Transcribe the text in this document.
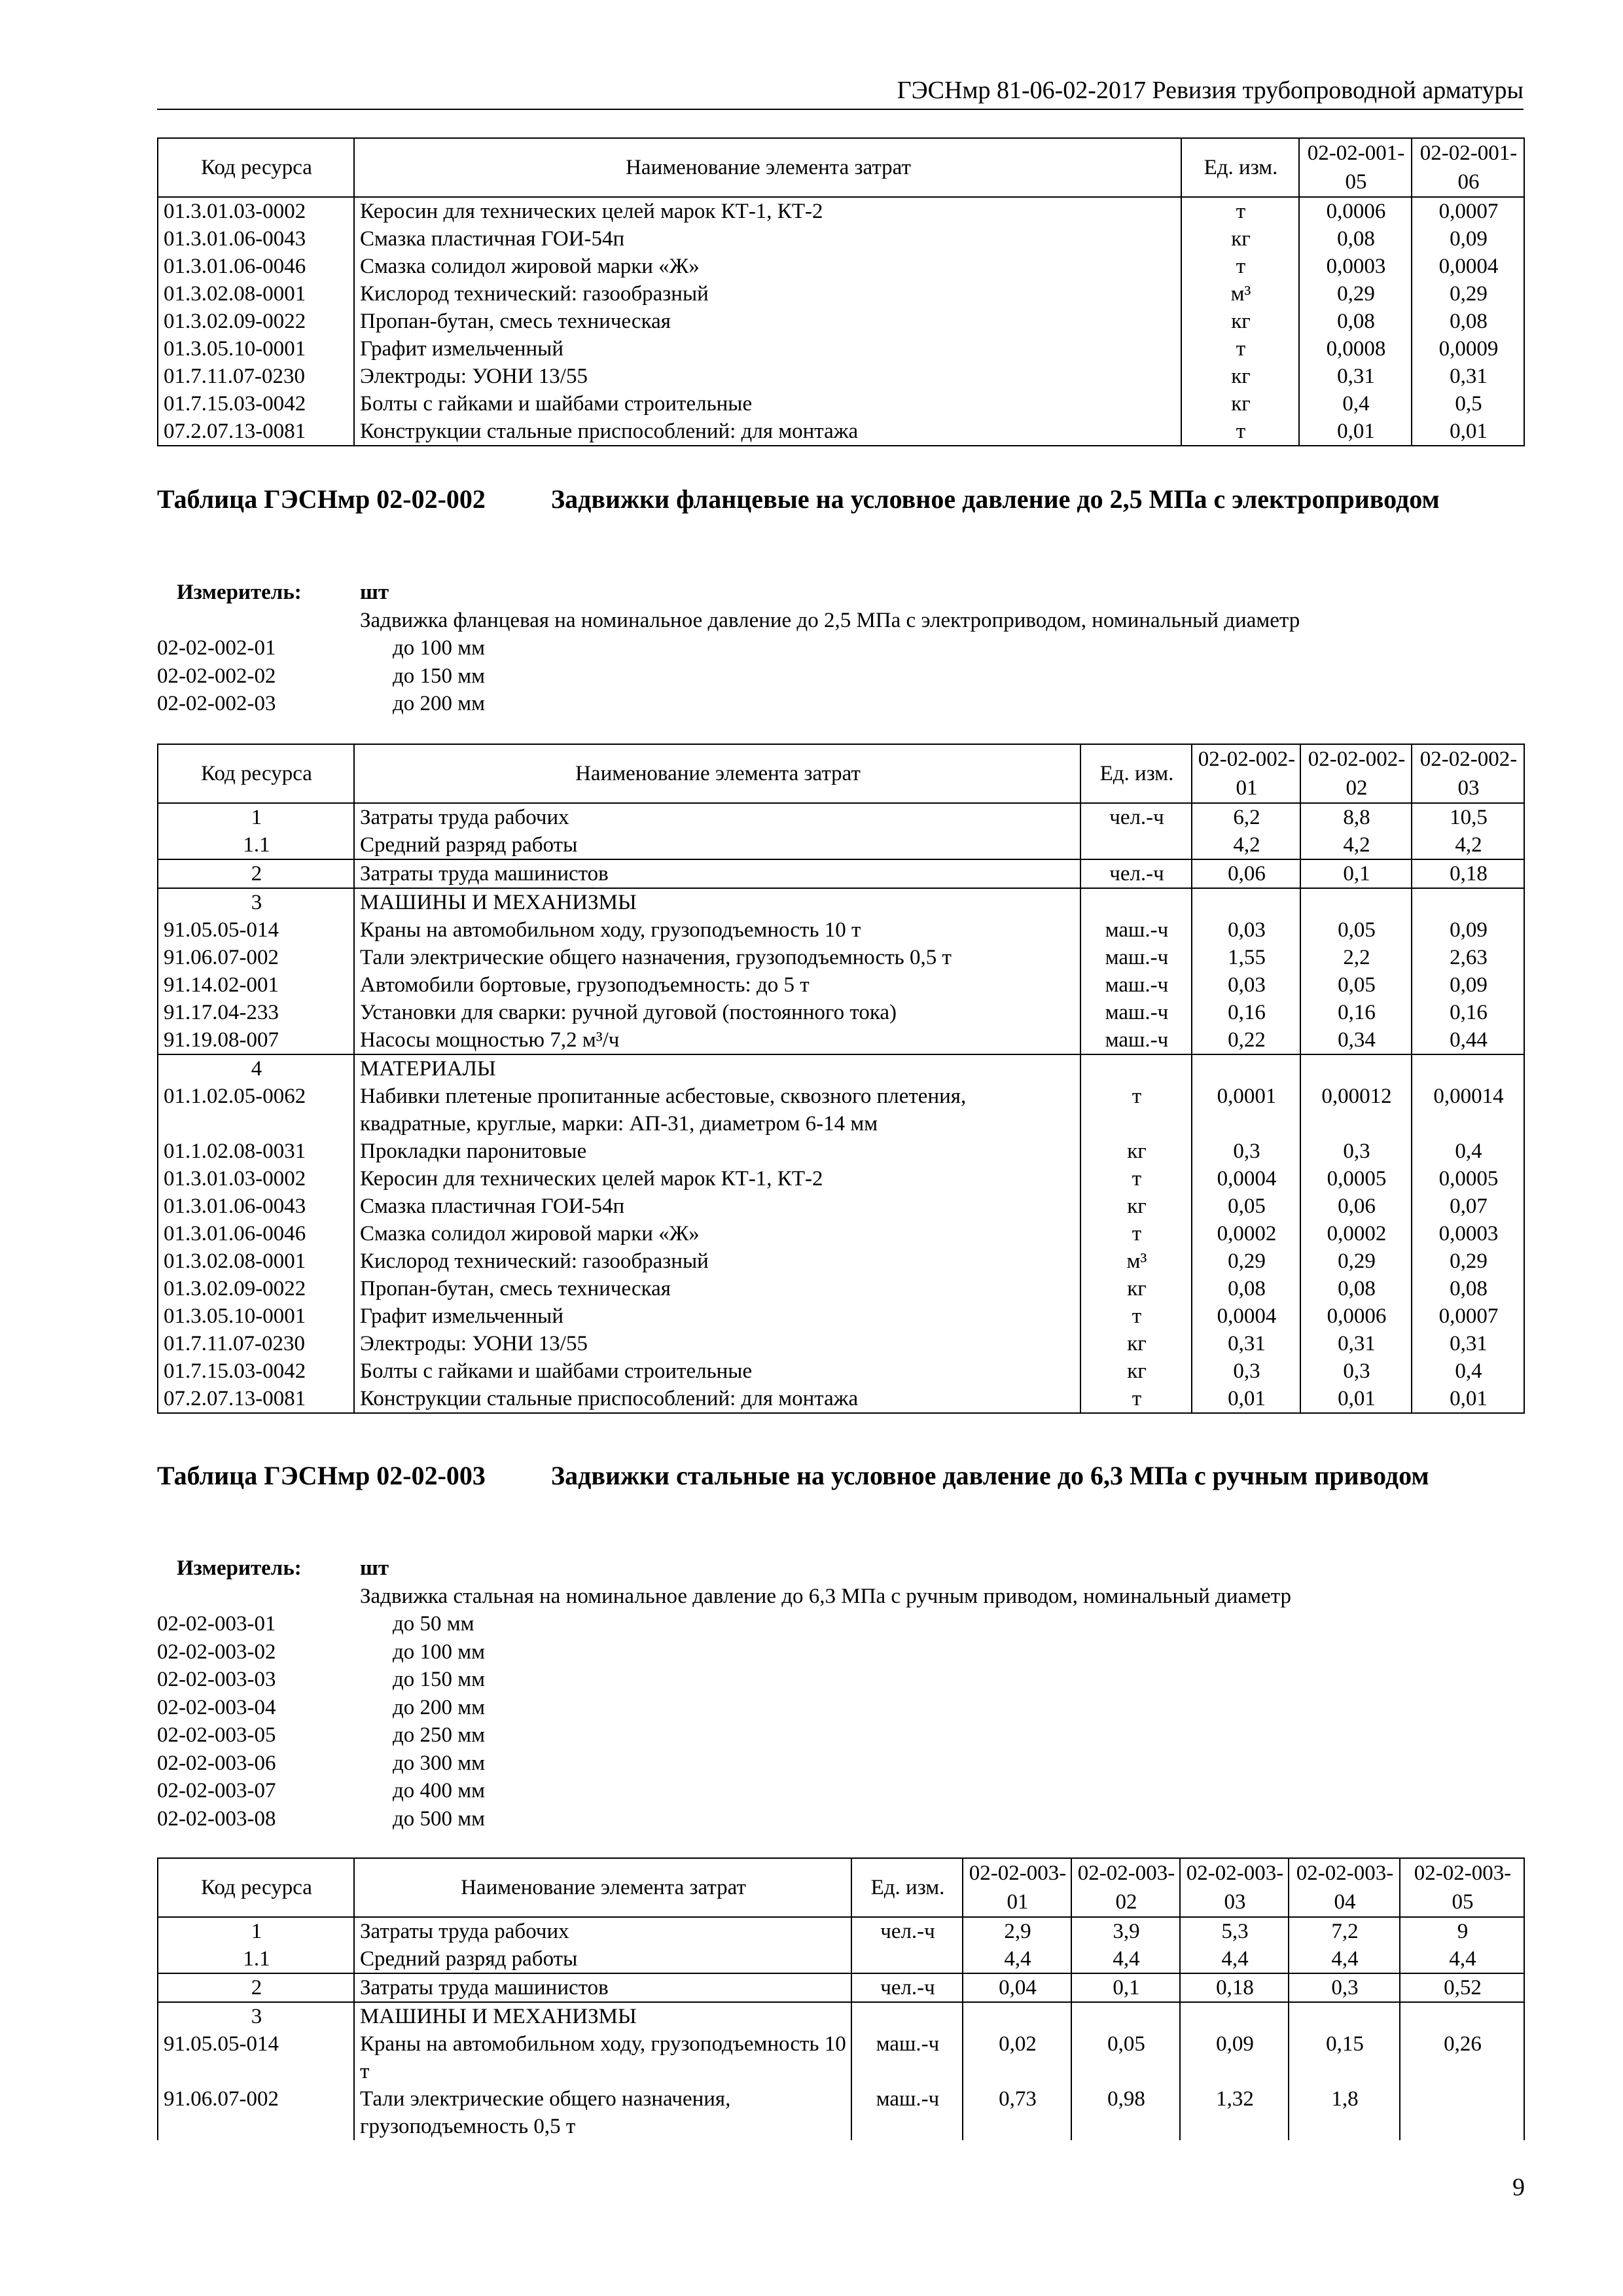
ГЭСНмр 81-06-02-2017 Ревизия трубопроводной арматуры
Код ресурса	Наименование элемента затрат	Ед. изм.	02-02-001-05	02-02-001-06
01.3.01.03-0002	Керосин для технических целей марок КТ-1, КТ-2	т	0,0006	0,0007
01.3.01.06-0043	Смазка пластичная ГОИ-54п	кг	0,08	0,09
01.3.01.06-0046	Смазка солидол жировой марки «Ж»	т	0,0003	0,0004
01.3.02.08-0001	Кислород технический: газообразный	м³	0,29	0,29
01.3.02.09-0022	Пропан-бутан, смесь техническая	кг	0,08	0,08
01.3.05.10-0001	Графит измельченный	т	0,0008	0,0009
01.7.11.07-0230	Электроды: УОНИ 13/55	кг	0,31	0,31
01.7.15.03-0042	Болты с гайками и шайбами строительные	кг	0,4	0,5
07.2.07.13-0081	Конструкции стальные приспособлений: для монтажа	т	0,01	0,01
Таблица ГЭСНмр 02-02-002	Задвижки фланцевые на условное давление до 2,5 МПа с электроприводом
Измеритель:	шт
Задвижка фланцевая на номинальное давление до 2,5 МПа с электроприводом, номинальный диаметр
02-02-002-01	до 100 мм
02-02-002-02	до 150 мм
02-02-002-03	до 200 мм
Код ресурса	Наименование элемента затрат	Ед. изм.	02-02-002-01	02-02-002-02	02-02-002-03
1	Затраты труда рабочих	чел.-ч	6,2	8,8	10,5
1.1	Средний разряд работы		4,2	4,2	4,2
2	Затраты труда машинистов	чел.-ч	0,06	0,1	0,18
3	МАШИНЫ И МЕХАНИЗМЫ				
91.05.05-014	Краны на автомобильном ходу, грузоподъемность 10 т	маш.-ч	0,03	0,05	0,09
91.06.07-002	Тали электрические общего назначения, грузоподъемность 0,5 т	маш.-ч	1,55	2,2	2,63
91.14.02-001	Автомобили бортовые, грузоподъемность: до 5 т	маш.-ч	0,03	0,05	0,09
91.17.04-233	Установки для сварки: ручной дуговой (постоянного тока)	маш.-ч	0,16	0,16	0,16
91.19.08-007	Насосы мощностью 7,2 м³/ч	маш.-ч	0,22	0,34	0,44
4	МАТЕРИАЛЫ				
01.1.02.05-0062	Набивки плетеные пропитанные асбестовые, сквозного плетения, квадратные, круглые, марки: АП-31, диаметром 6-14 мм	т	0,0001	0,00012	0,00014
01.1.02.08-0031	Прокладки паронитовые	кг	0,3	0,3	0,4
01.3.01.03-0002	Керосин для технических целей марок КТ-1, КТ-2	т	0,0004	0,0005	0,0005
01.3.01.06-0043	Смазка пластичная ГОИ-54п	кг	0,05	0,06	0,07
01.3.01.06-0046	Смазка солидол жировой марки «Ж»	т	0,0002	0,0002	0,0003
01.3.02.08-0001	Кислород технический: газообразный	м³	0,29	0,29	0,29
01.3.02.09-0022	Пропан-бутан, смесь техническая	кг	0,08	0,08	0,08
01.3.05.10-0001	Графит измельченный	т	0,0004	0,0006	0,0007
01.7.11.07-0230	Электроды: УОНИ 13/55	кг	0,31	0,31	0,31
01.7.15.03-0042	Болты с гайками и шайбами строительные	кг	0,3	0,3	0,4
07.2.07.13-0081	Конструкции стальные приспособлений: для монтажа	т	0,01	0,01	0,01
Таблица ГЭСНмр 02-02-003	Задвижки стальные на условное давление до 6,3 МПа с ручным приводом
Измеритель:	шт
Задвижка стальная на номинальное давление до 6,3 МПа с ручным приводом, номинальный диаметр
02-02-003-01	до 50 мм
02-02-003-02	до 100 мм
02-02-003-03	до 150 мм
02-02-003-04	до 200 мм
02-02-003-05	до 250 мм
02-02-003-06	до 300 мм
02-02-003-07	до 400 мм
02-02-003-08	до 500 мм
Код ресурса	Наименование элемента затрат	Ед. изм.	02-02-003-01	02-02-003-02	02-02-003-03	02-02-003-04	02-02-003-05
1	Затраты труда рабочих	чел.-ч	2,9	3,9	5,3	7,2	9
1.1	Средний разряд работы		4,4	4,4	4,4	4,4	4,4
2	Затраты труда машинистов	чел.-ч	0,04	0,1	0,18	0,3	0,52
3	МАШИНЫ И МЕХАНИЗМЫ						
91.05.05-014	Краны на автомобильном ходу, грузоподъемность 10 т	маш.-ч	0,02	0,05	0,09	0,15	0,26
91.06.07-002	Тали электрические общего назначения, грузоподъемность 0,5 т	маш.-ч	0,73	0,98	1,32	1,8	
9
